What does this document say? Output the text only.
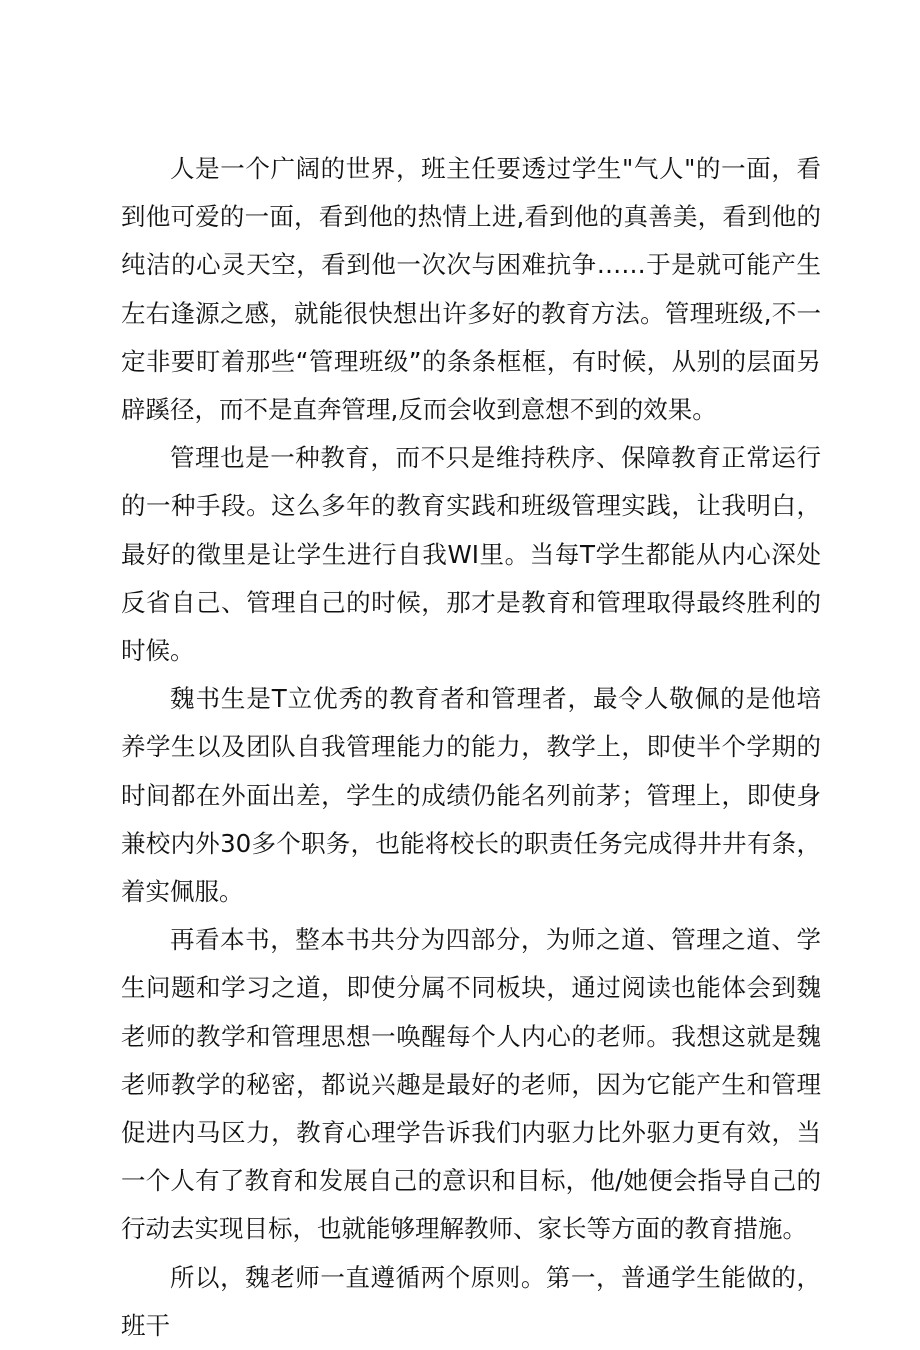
人是一个广阔的世界，班主任要透过学生"气人"的一面，看到他可爱的一面，看到他的热情上进,看到他的真善美，看到他的纯洁的心灵天空，看到他一次次与困难抗争……于是就可能产生左右逢源之感，就能很快想出许多好的教育方法。管理班级,不一定非要盯着那些“管理班级”的条条框框，有时候，从别的层面另辟蹊径，而不是直奔管理,反而会收到意想不到的效果。

管理也是一种教育，而不只是维持秩序、保障教育正常运行的一种手段。这么多年的教育实践和班级管理实践，让我明白，最好的徵里是让学生进行自我WI里。当每T学生都能从内心深处反省自己、管理自己的时候，那才是教育和管理取得最终胜利的时候。

魏书生是T立优秀的教育者和管理者，最令人敬佩的是他培养学生以及团队自我管理能力的能力，教学上，即使半个学期的时间都在外面出差，学生的成绩仍能名列前茅；管理上，即使身兼校内外30多个职务，也能将校长的职责任务完成得井井有条，着实佩服。

再看本书，整本书共分为四部分，为师之道、管理之道、学生问题和学习之道，即使分属不同板块，通过阅读也能体会到魏老师的教学和管理思想一唤醒每个人内心的老师。我想这就是魏老师教学的秘密，都说兴趣是最好的老师，因为它能产生和管理促进内马区力，教育心理学告诉我们内驱力比外驱力更有效，当一个人有了教育和发展自己的意识和目标，他/她便会指导自己的行动去实现目标，也就能够理解教师、家长等方面的教育措施。

所以，魏老师一直遵循两个原则。第一，普通学生能做的，班干
